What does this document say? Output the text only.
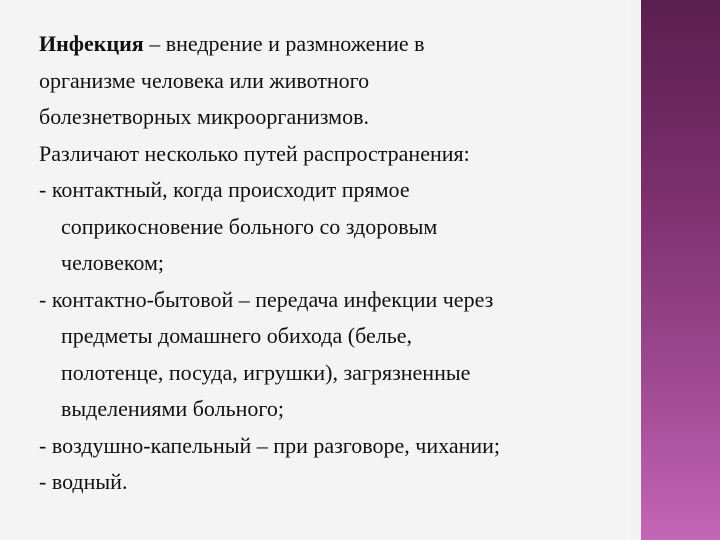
Инфекция – внедрение и размножение в
организме человека или животного
болезнетворных микроорганизмов.
Различают несколько путей распространения:
- контактный, когда происходит прямое
соприкосновение больного со здоровым
человеком;
- контактно-бытовой – передача инфекции через
предметы домашнего обихода (белье,
полотенце, посуда, игрушки), загрязненные
выделениями больного;
- воздушно-капельный – при разговоре, чихании;
- водный.
